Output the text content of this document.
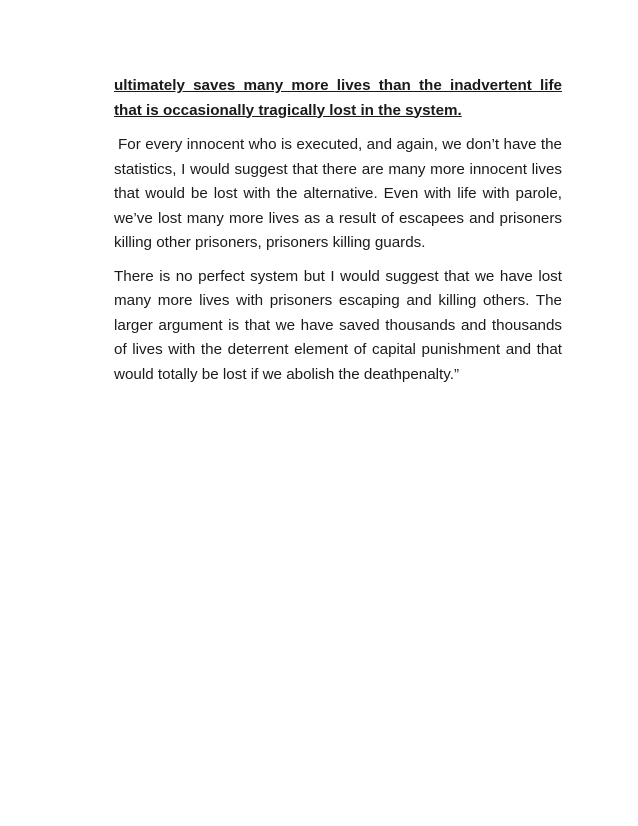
ultimately saves many more lives than the inadvertent life that is occasionally tragically lost in the system.

For every innocent who is executed, and again, we don’t have the statistics, I would suggest that there are many more innocent lives that would be lost with the alternative. Even with life with parole, we’ve lost many more lives as a result of escapees and prisoners killing other prisoners, prisoners killing guards.

There is no perfect system but I would suggest that we have lost many more lives with prisoners escaping and killing others. The larger argument is that we have saved thousands and thousands of lives with the deterrent element of capital punishment and that would totally be lost if we abolish the deathpenalty.”
